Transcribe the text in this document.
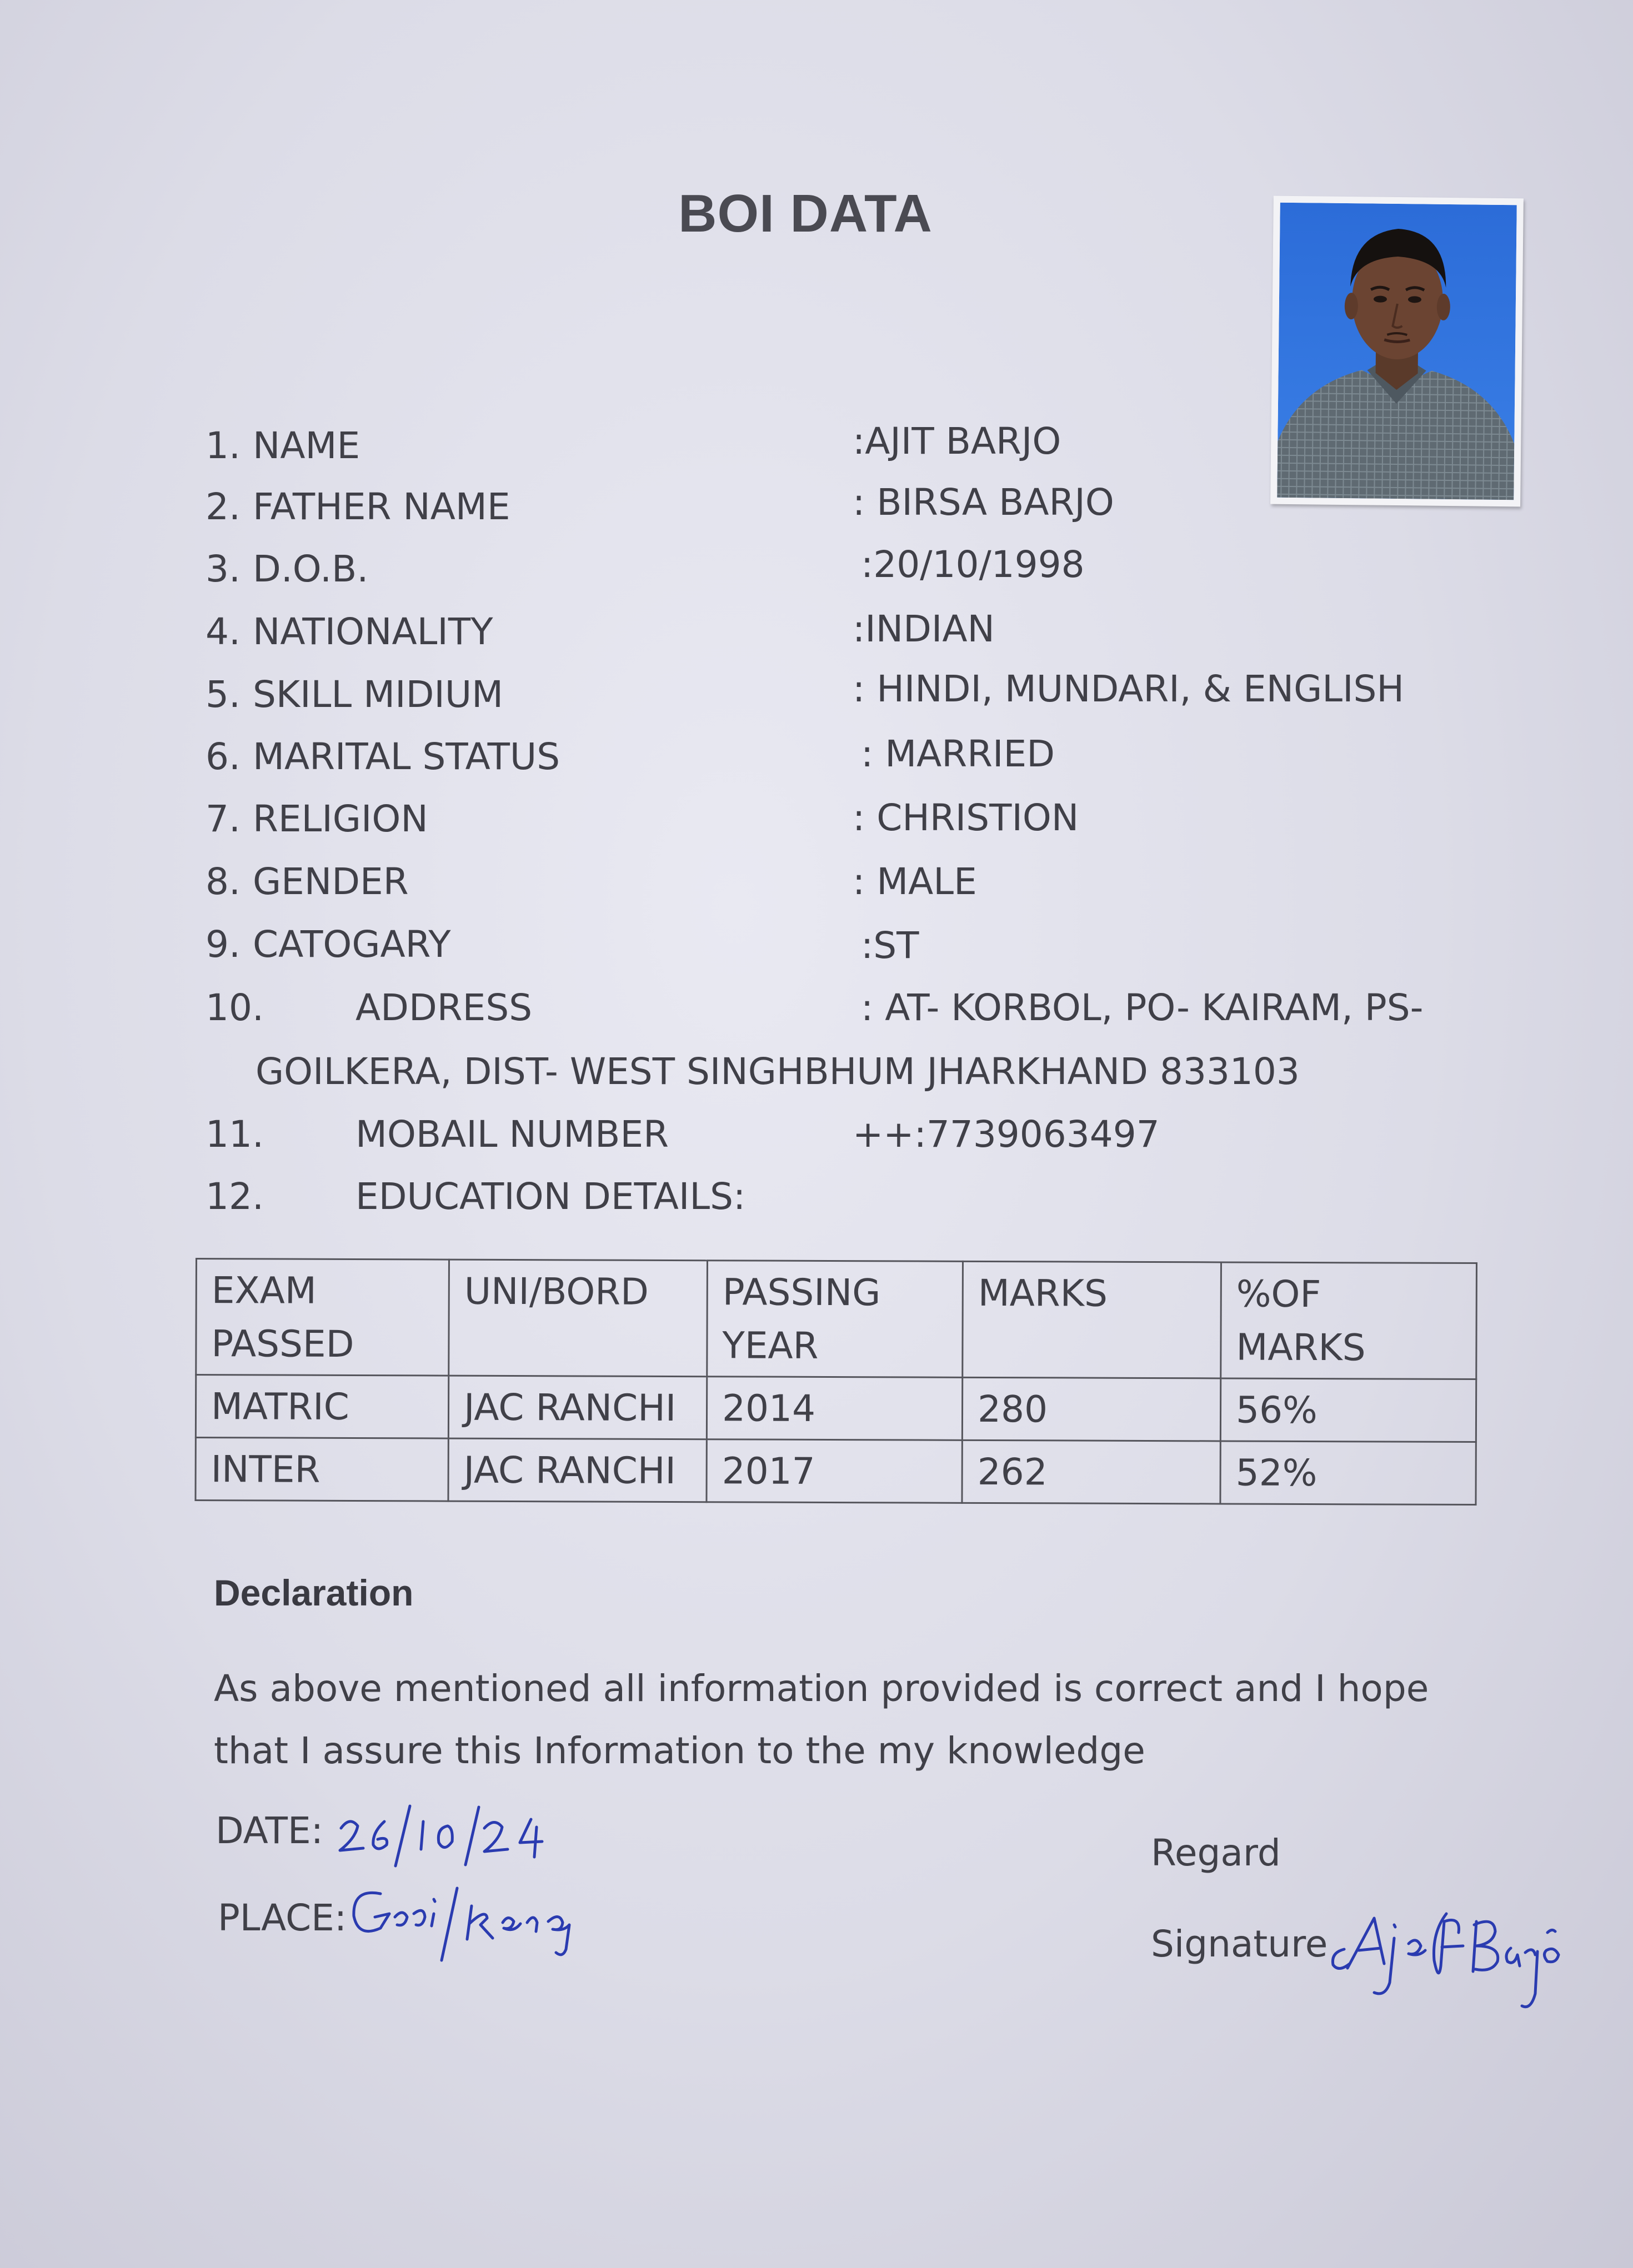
BOI DATA
1. NAME	:AJIT BARJO
2. FATHER NAME	: BIRSA BARJO
3. D.O.B.	:20/10/1998
4. NATIONALITY	:INDIAN
5. SKILL MIDIUM	: HINDI, MUNDARI, & ENGLISH
6. MARITAL STATUS	: MARRIED
7. RELIGION	: CHRISTION
8. GENDER	: MALE
9. CATOGARY	:ST
10.	ADDRESS	: AT- KORBOL, PO- KAIRAM, PS-
GOILKERA, DIST- WEST SINGHBHUM JHARKHAND 833103
11.	MOBAIL NUMBER	++:7739063497
12.	EDUCATION DETAILS:
EXAM PASSED	UNI/BORD	PASSING YEAR	MARKS	%OF MARKS
MATRIC	JAC RANCHI	2014	280	56%
INTER	JAC RANCHI	2017	262	52%
Declaration
As above mentioned all information provided is correct and I hope that I assure this Information to the my knowledge
DATE:
PLACE:
Regard
Signature
